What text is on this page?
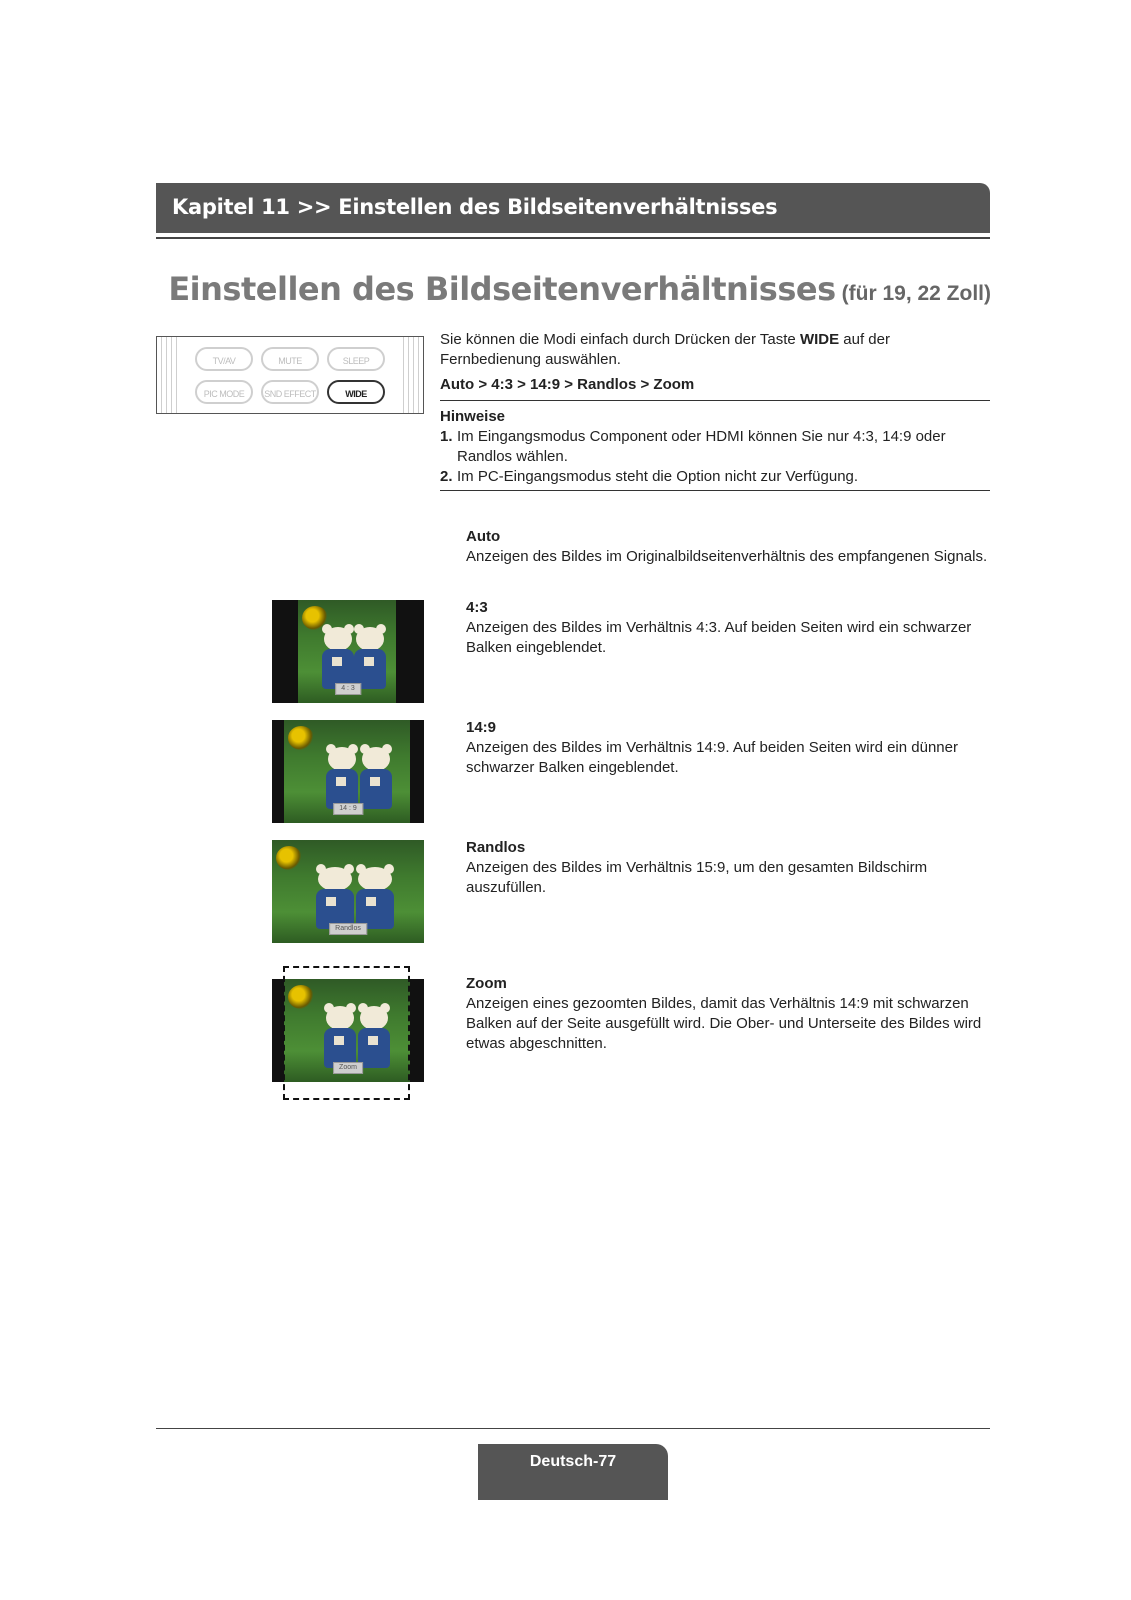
Kapitel 11 >> Einstellen des Bildseitenverhältnisses
Einstellen des Bildseitenverhältnisses (für 19, 22 Zoll)
TV/AV	MUTE	SLEEP
PIC MODE	SND EFFECT	WIDE

Sie können die Modi einfach durch Drücken der Taste WIDE auf der Fernbedienung auswählen.

Auto > 4:3 > 14:9 > Randlos > Zoom
Hinweise
1. Im Eingangsmodus Component oder HDMI können Sie nur 4:3, 14:9 oder Randlos wählen.
2. Im PC-Eingangsmodus steht die Option nicht zur Verfügung.
Auto
Anzeigen des Bildes im Originalbildseitenverhältnis des empfangenen Signals.
4:3
Anzeigen des Bildes im Verhältnis 4:3. Auf beiden Seiten wird ein schwarzer Balken eingeblendet.
14:9
Anzeigen des Bildes im Verhältnis 14:9. Auf beiden Seiten wird ein dünner schwarzer Balken eingeblendet.
Randlos
Anzeigen des Bildes im Verhältnis 15:9, um den gesamten Bildschirm auszufüllen.
Zoom
Anzeigen eines gezoomten Bildes, damit das Verhältnis 14:9 mit schwarzen Balken auf der Seite ausgefüllt wird. Die Ober- und Unterseite des Bildes wird etwas abgeschnitten.
4 : 3
14 : 9
Randlos
Zoom
Deutsch-77
